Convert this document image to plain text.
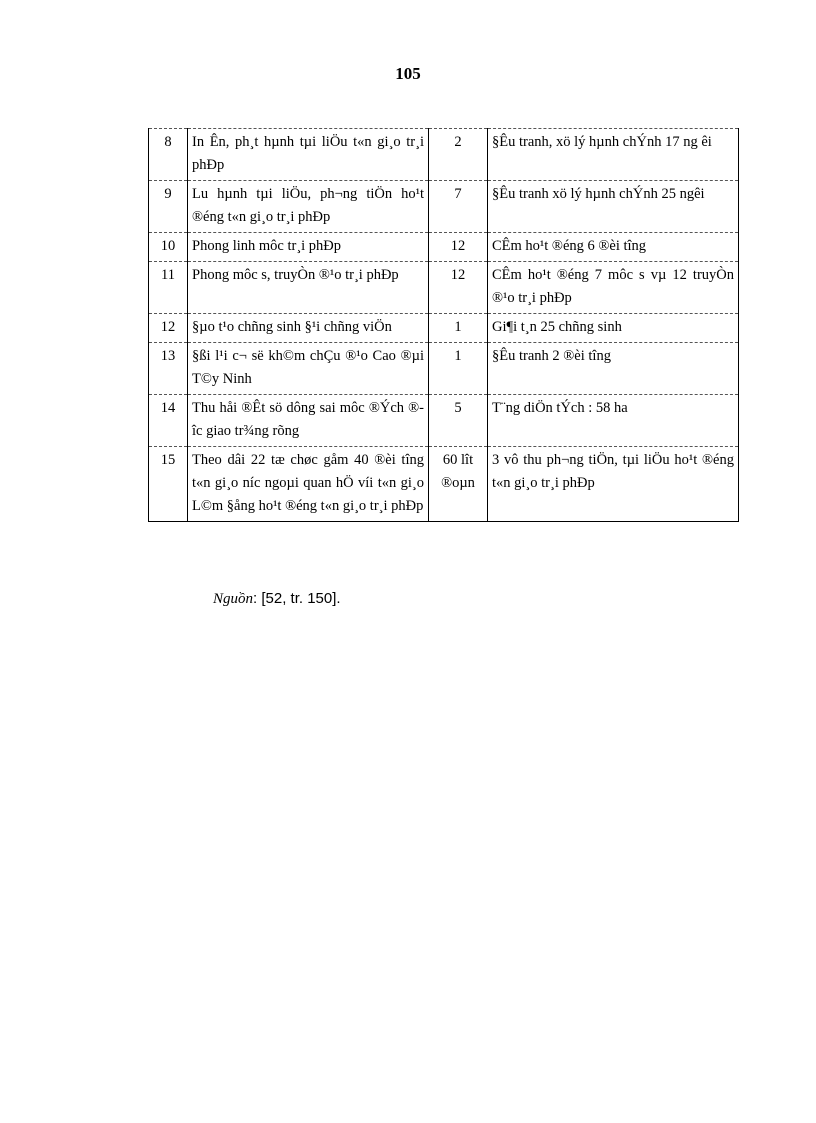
105
8	In Ên, ph¸t hµnh tµi liÖu t«n gi¸o tr¸i phÐp	2	§Êu tranh, xö lý hµnh chÝnh 17 ng êi
9	Lu hµnh tµi liÖu, ph¬ng tiÖn ho¹t ®éng t«n gi¸o tr¸i phÐp	7	§Êu tranh xö lý hµnh chÝnh 25 ngêi
10	Phong linh môc tr¸i phÐp	12	CÊm ho¹t ®éng 6 ®èi tîng
11	Phong môc s, truyÒn ®¹o tr¸i phÐp	12	CÊm ho¹t ®éng 7 môc s vµ 12 truyÒn ®¹o tr¸i phÐp
12	§µo t¹o chñng sinh §¹i chñng viÖn	1	Gi¶i t¸n 25 chñng sinh
13	§ßi l¹i c¬ së kh©m chÇu ®¹o Cao ®µi T©y Ninh	1	§Êu tranh 2 ®èi tîng
14	Thu håi ®Êt sö dông sai môc ®Ých ®îc giao tr¾ng rõng	5	T¨ng diÖn tÝch : 58 ha
15	Theo dâi 22 tæ chøc gåm 40 ®èi tîng t«n gi¸o níc ngoµi quan hÖ víi t«n gi¸o L©m §ång ho¹t ®éng t«n gi¸o tr¸i phÐp	60 lît ®oµn	3 vô thu ph¬ng tiÖn, tµi liÖu ho¹t ®éng t«n gi¸o tr¸i phÐp
Nguồn: [52, tr. 150].
